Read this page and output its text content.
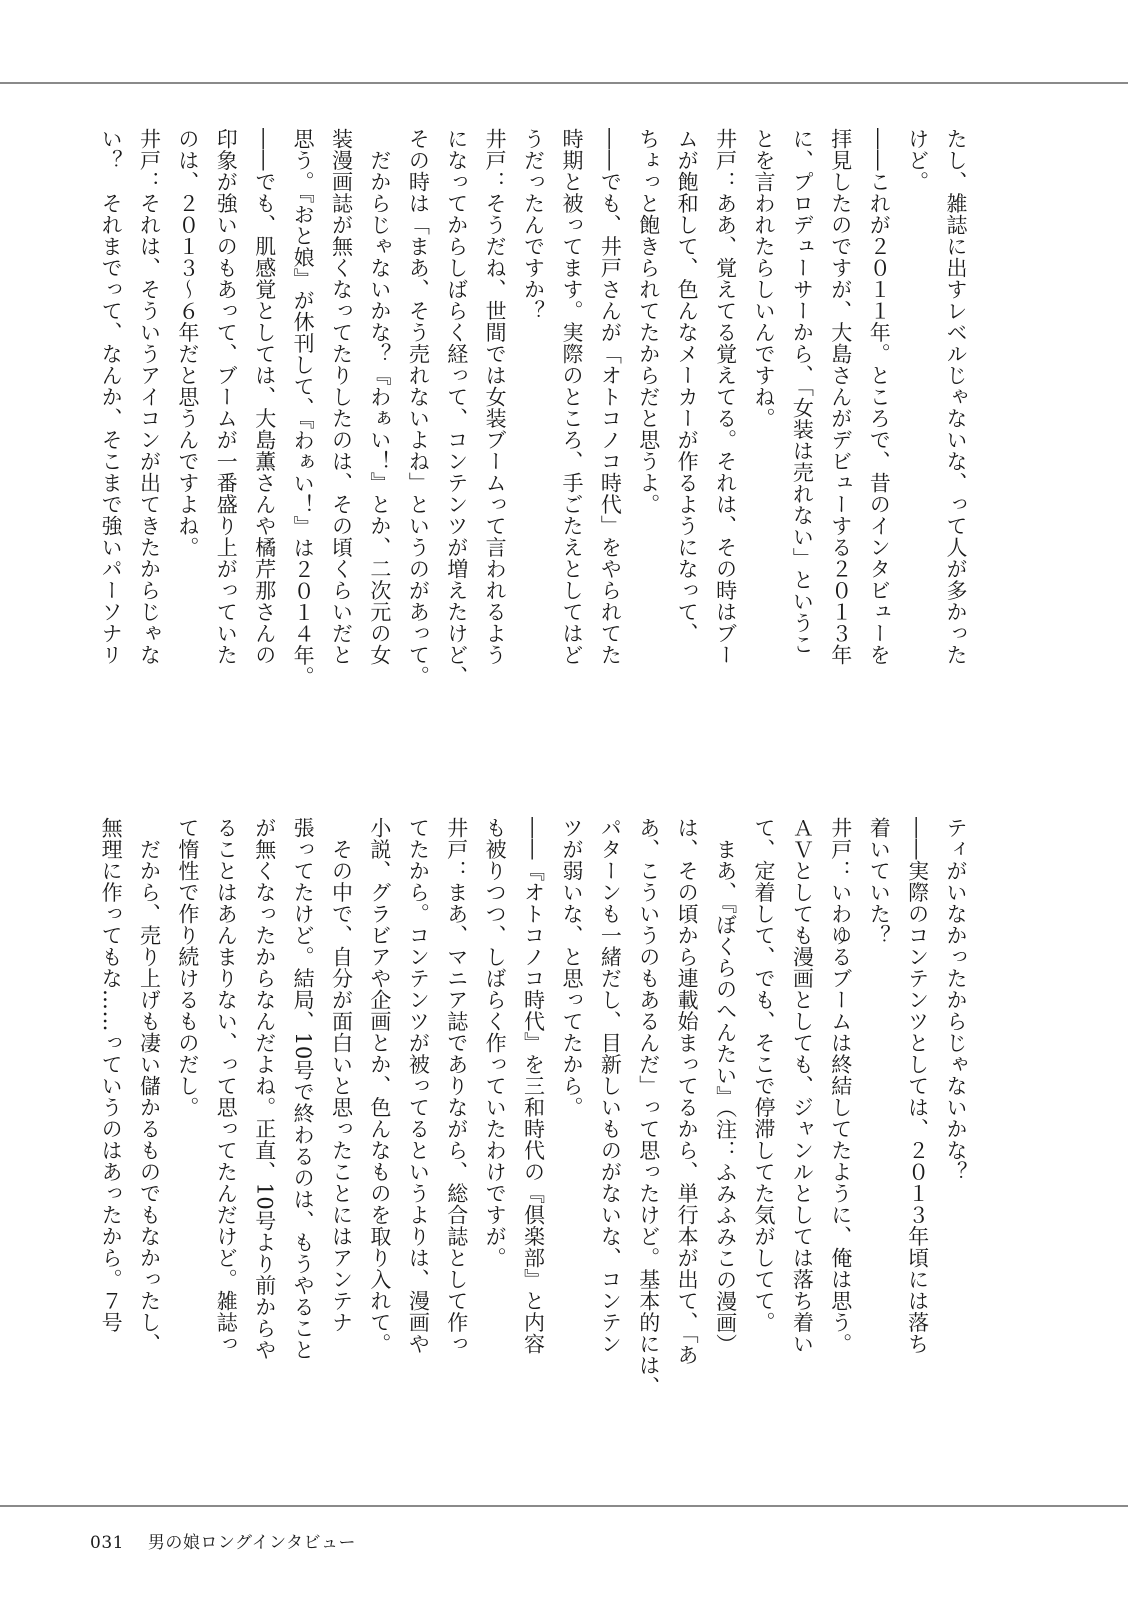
たし、雑誌に出すレベルじゃないな、って人が多かった
けど。
――これが２０１１年。ところで、昔のインタビューを
拝見したのですが、大島さんがデビューする２０１３年
に、プロデューサーから、「女装は売れない」というこ
とを言われたらしいんですね。
井戸：ああ、覚えてる覚えてる。それは、その時はブー
ムが飽和して、色んなメーカーが作るようになって、
ちょっと飽きられてたからだと思うよ。
――でも、井戸さんが「オトコノコ時代」をやられてた
時期と被ってます。実際のところ、手ごたえとしてはど
うだったんですか？
井戸：そうだね、世間では女装ブームって言われるよう
になってからしばらく経って、コンテンツが増えたけど、
その時は「まあ、そう売れないよね」というのがあって。
　だからじゃないかな？『わぁい！』とか、二次元の女
装漫画誌が無くなってたりしたのは、その頃くらいだと
思う。『おと娘』が休刊して、『わぁい！』は２０１４年。
――でも、肌感覚としては、大島薫さんや橘芹那さんの
印象が強いのもあって、ブームが一番盛り上がっていた
のは、２０１３〜６年だと思うんですよね。
井戸：それは、そういうアイコンが出てきたからじゃな
い？　それまでって、なんか、そこまで強いパーソナリ
ティがいなかったからじゃないかな？
――実際のコンテンツとしては、２０１３年頃には落ち
着いていた？
井戸：いわゆるブームは終結してたように、俺は思う。
ＡＶとしても漫画としても、ジャンルとしては落ち着い
て、定着して、でも、そこで停滞してた気がしてて。
　まあ、『ぼくらのへんたい』（注：ふみふみこの漫画）
は、その頃から連載始まってるから、単行本が出て、「あ
あ、こういうのもあるんだ」って思ったけど。基本的には、
パターンも一緒だし、目新しいものがないな、コンテン
ツが弱いな、と思ってたから。
――『オトコノコ時代』を三和時代の『倶楽部』と内容
も被りつつ、しばらく作っていたわけですが。
井戸：まあ、マニア誌でありながら、総合誌として作っ
てたから。コンテンツが被ってるというよりは、漫画や
小説、グラビアや企画とか、色んなものを取り入れて。
　その中で、自分が面白いと思ったことにはアンテナ
張ってたけど。結局、10号で終わるのは、もうやること
が無くなったからなんだよね。正直、10号より前からや
ることはあんまりない、って思ってたんだけど。雑誌っ
て惰性で作り続けるものだし。
　だから、売り上げも凄い儲かるものでもなかったし、
無理に作ってもな……っていうのはあったから。７号
031 男の娘ロングインタビュー
